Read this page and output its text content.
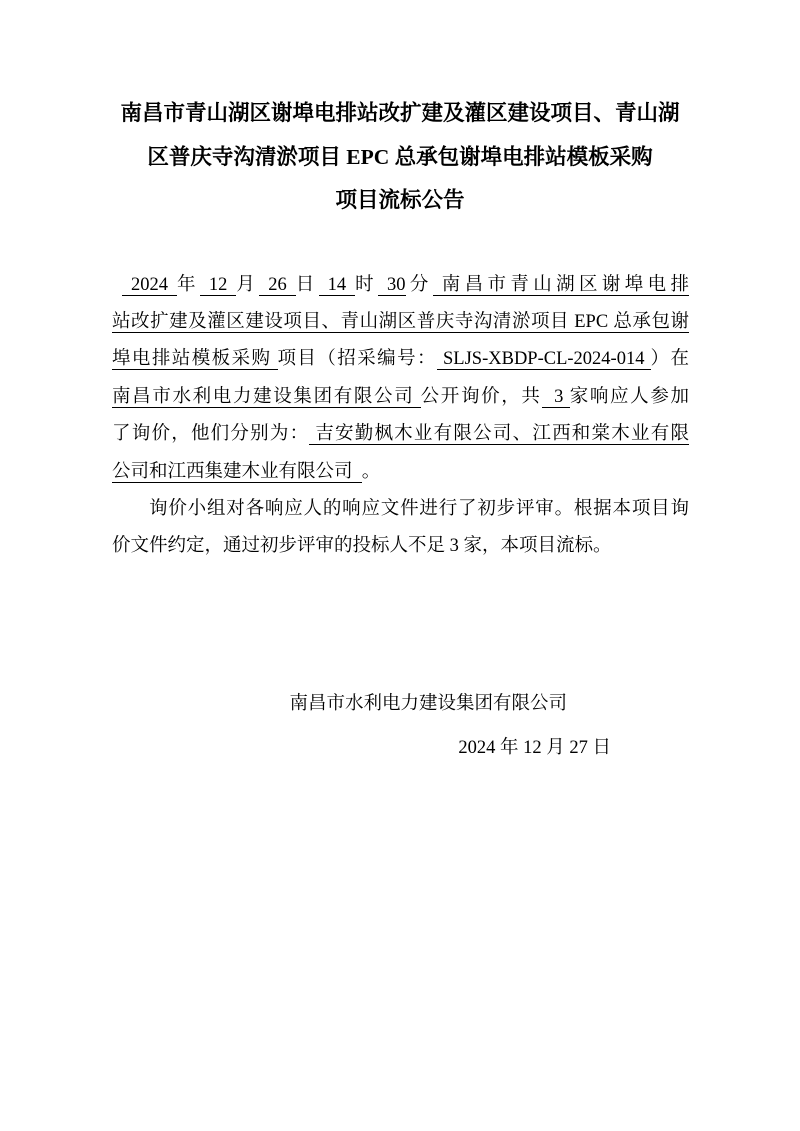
南昌市青山湖区谢埠电排站改扩建及灌区建设项目、青山湖
区普庆寺沟清淤项目 EPC 总承包谢埠电排站模板采购
项目流标公告
2024 年 12 月 26 日 14 时 30分 南昌市青山湖区谢埠电排
站改扩建及灌区建设项目、青山湖区普庆寺沟清淤项目 EPC 总承包谢
埠电排站模板采购 项目（招采编号： SLJS-XBDP-CL-2024-014 ）在
南昌市水利电力建设集团有限公司 公开询价，共  3 家响应人参加
了询价，他们分别为： 吉安勤枫木业有限公司、江西和棠木业有限
公司和江西集建木业有限公司  。
询价小组对各响应人的响应文件进行了初步评审。根据本项目询
价文件约定，通过初步评审的投标人不足 3 家，本项目流标。
南昌市水利电力建设集团有限公司
2024 年 12 月 27 日
